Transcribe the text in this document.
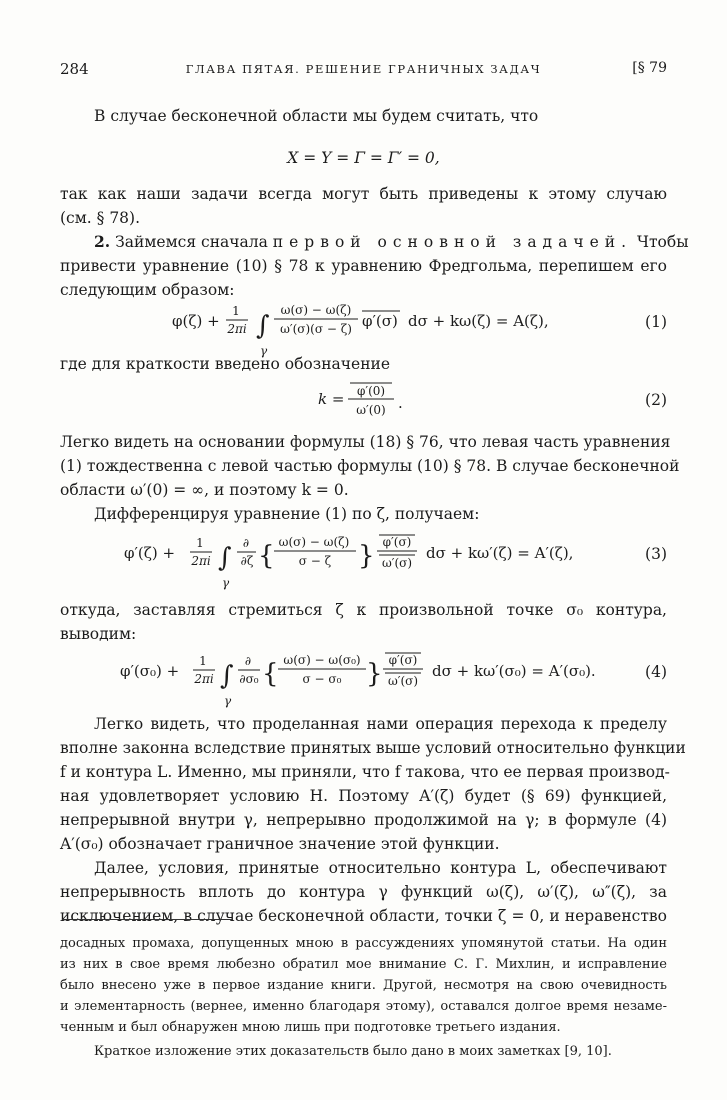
284	ГЛАВА ПЯТАЯ. РЕШЕНИЕ ГРАНИЧНЫХ ЗАДАЧ	[§ 79
В случае бесконечной области мы будем считать, что
X = Y = Γ = Γ′ = 0,
так как наши задачи всегда могут быть приведены к этому случаю
(см. § 78).
2. Займемся сначала первой основной задачей. Чтобы
привести уравнение (10) § 78 к уравнению Фредгольма, перепишем его
следующим образом:
φ(ζ) +
1
2πi ∫
γ
ω(σ) − ω(ζ)
ω′(σ)(σ − ζ) φ′(σ) dσ + kω(ζ) = A(ζ),	(1)
где для краткости введено обозначение
k = φ′(0)
ω′(0) .	(2)
Легко видеть на основании формулы (18) § 76, что левая часть уравнения
(1) тождественна с левой частью формулы (10) § 78. В случае бесконечной
области ω′(0) = ∞, и поэтому k = 0.
Дифференцируя уравнение (1) по ζ, получаем:
φ′(ζ) +
1
2πi ∫
γ
∂
∂ζ { ω(σ) − ω(ζ)
σ − ζ } φ′(σ)
ω′(σ)
dσ + kω′(ζ) = A′(ζ),	(3)
откуда, заставляя стремиться ζ к произвольной точке σ₀ контура,
выводим:
φ′(σ₀) +
1
2πi ∫
γ
∂
∂σ₀ { ω(σ) − ω(σ₀)
σ − σ₀ } φ′(σ)
ω′(σ)
dσ + kω′(σ₀) = A′(σ₀).	(4)
Легко видеть, что проделанная нами операция перехода к пределу
вполне законна вследствие принятых выше условий относительно функции
f и контура L. Именно, мы приняли, что f такова, что ее первая производ-
ная удовлетворяет условию H. Поэтому A′(ζ) будет (§ 69) функцией,
непрерывной внутри γ, непрерывно продолжимой на γ; в формуле (4)
A′(σ₀) обозначает граничное значение этой функции.
Далее, условия, принятые относительно контура L, обеспечивают
непрерывность вплоть до контура γ функций ω(ζ), ω′(ζ), ω″(ζ), за
исключением, в случае бесконечной области, точки ζ = 0, и неравенство
досадных промаха, допущенных мною в рассуждениях упомянутой статьи. На один
из них в свое время любезно обратил мое внимание С. Г. Михлин, и исправление
было внесено уже в первое издание книги. Другой, несмотря на свою очевидность
и элементарность (вернее, именно благодаря этому), оставался долгое время незаме-
ченным и был обнаружен мною лишь при подготовке третьего издания.
Краткое изложение этих доказательств было дано в моих заметках [9, 10].
